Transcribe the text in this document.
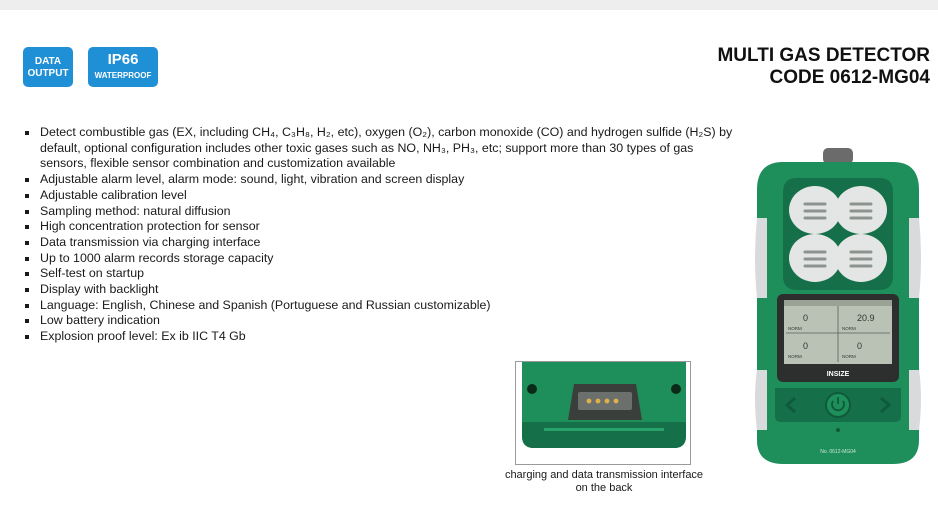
DATA
OUTPUT
IP66
WATERPROOF
MULTI GAS DETECTOR
CODE 0612-MG04
Detect combustible gas (EX, including CH₄, C₃H₈, H₂, etc), oxygen (O₂), carbon monoxide (CO) and hydrogen sulfide (H₂S) by default, optional configuration includes other toxic gases such as NO, NH₃, PH₃, etc; support more than 30 types of gas sensors, flexible sensor combination and customization available
Adjustable alarm level, alarm mode: sound, light, vibration and screen display
Adjustable calibration level
Sampling method: natural diffusion
High concentration protection for sensor
Data transmission via charging interface
Up to 1000 alarm records storage capacity
Self-test on startup
Display with backlight
Language: English, Chinese and Spanish (Portuguese and Russian customizable)
Low battery indication
Explosion proof level: Ex ib IIC T4 Gb
charging and data transmission interface
on the back
0	20.9
0	0
NORM	NORM
NORM	NORM
INSIZE
No. 0612-MG04
